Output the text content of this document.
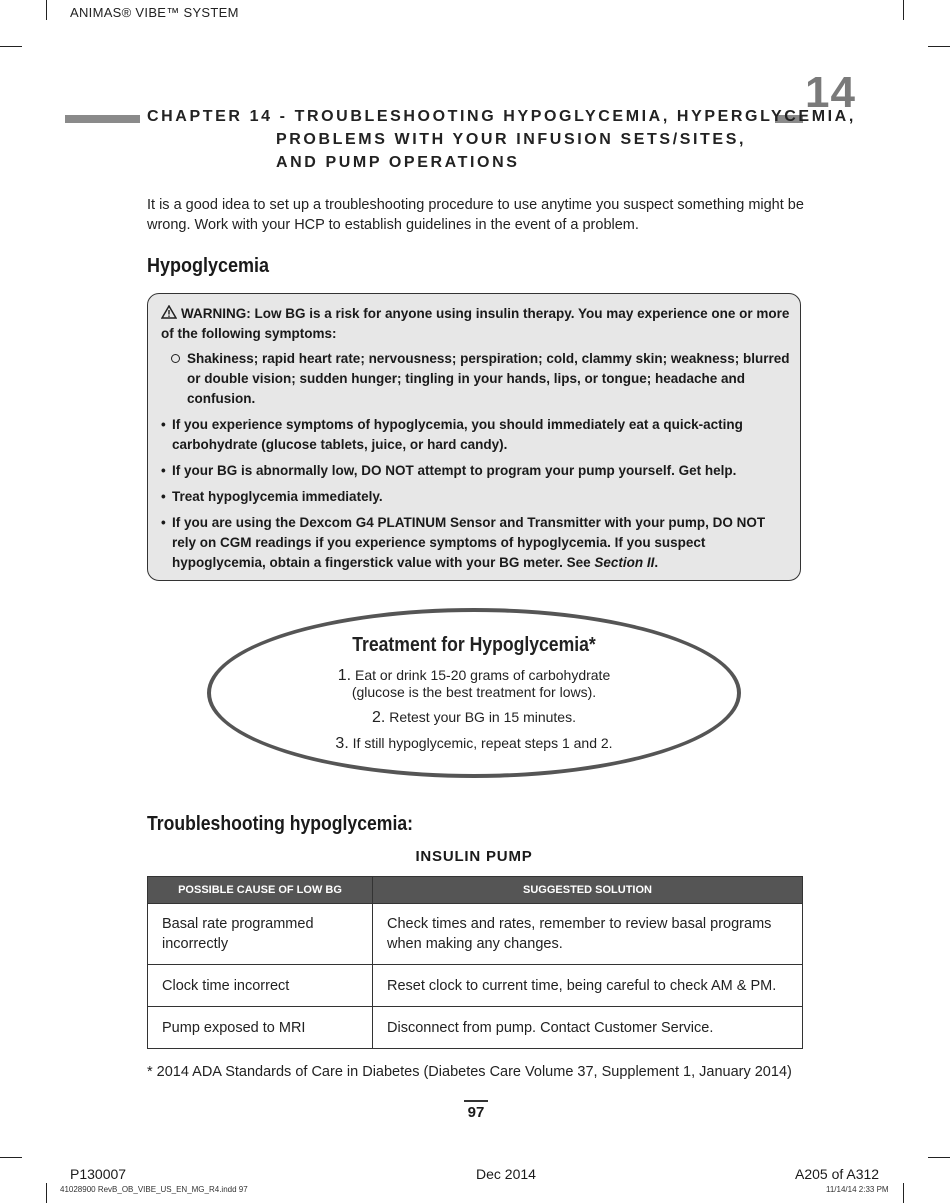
ANIMAS® VIBE™ SYSTEM
14
CHAPTER 14 - TROUBLESHOOTING HYPOGLYCEMIA, HYPERGLYCEMIA,
PROBLEMS WITH YOUR INFUSION SETS/SITES,
AND PUMP OPERATIONS
It is a good idea to set up a troubleshooting procedure to use anytime you suspect something might be wrong. Work with your HCP to establish guidelines in the event of a problem.
Hypoglycemia

WARNING: Low BG is a risk for anyone using insulin therapy. You may experience one or more of the following symptoms:

Shakiness; rapid heart rate; nervousness; perspiration; cold, clammy skin; weakness; blurred or double vision; sudden hunger; tingling in your hands, lips, or tongue; headache and confusion.

• If you experience symptoms of hypoglycemia, you should immediately eat a quick-acting carbohydrate (glucose tablets, juice, or hard candy).

• If your BG is abnormally low, DO NOT attempt to program your pump yourself. Get help.

• Treat hypoglycemia immediately.

• If you are using the Dexcom G4 PLATINUM Sensor and Transmitter with your pump, DO NOT rely on CGM readings if you experience symptoms of hypoglycemia. If you suspect hypoglycemia, obtain a fingerstick value with your BG meter. See Section II.

Treatment for Hypoglycemia*

1. Eat or drink 15-20 grams of carbohydrate
(glucose is the best treatment for lows).

2. Retest your BG in 15 minutes.

3. If still hypoglycemic, repeat steps 1 and 2.

Troubleshooting hypoglycemia:
INSULIN PUMP
POSSIBLE CAUSE OF LOW BG	SUGGESTED SOLUTION
Basal rate programmed incorrectly	Check times and rates, remember to review basal programs when making any changes.
Clock time incorrect	Reset clock to current time, being careful to check AM & PM.
Pump exposed to MRI	Disconnect from pump. Contact Customer Service.
* 2014 ADA Standards of Care in Diabetes (Diabetes Care Volume 37, Supplement 1, January 2014)
97
P130007	Dec 2014	A205 of A312
41028900 RevB_OB_VIBE_US_EN_MG_R4.indd 97	11/14/14 2:33 PM
